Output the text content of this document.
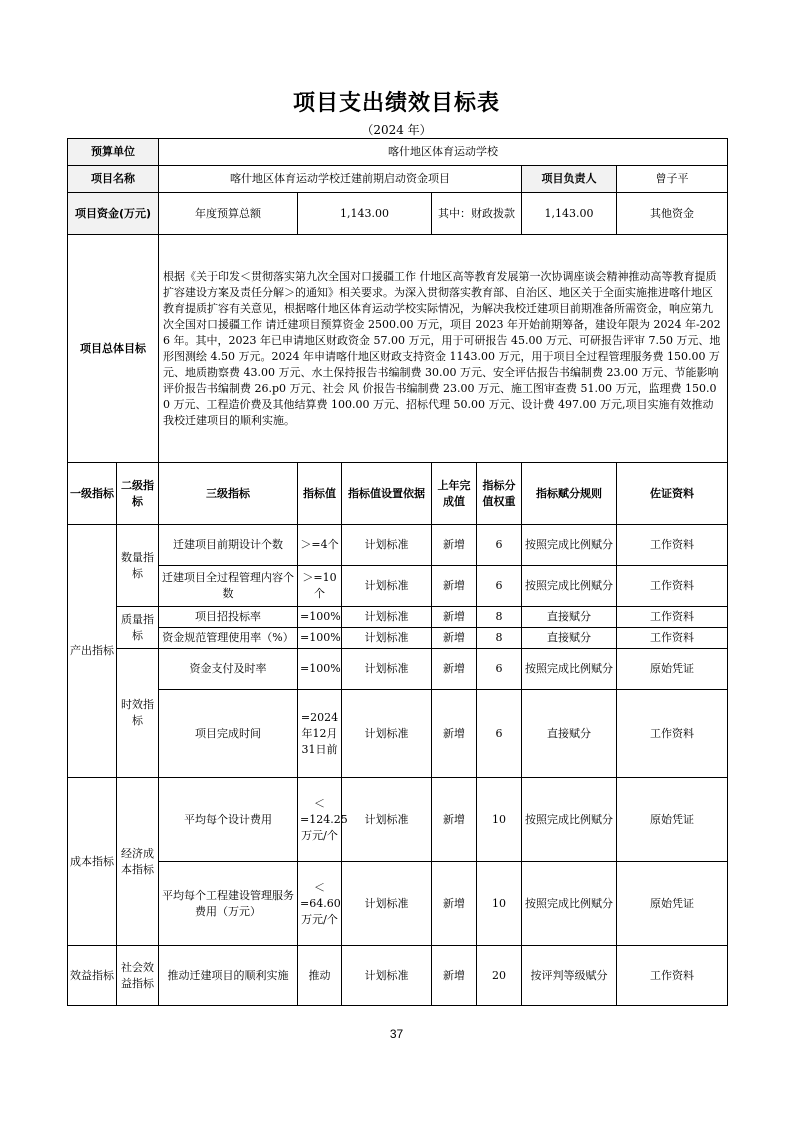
项目支出绩效目标表
（2024 年）
预算单位		喀什地区体育运动学校						
项目名称		喀什地区体育运动学校迁建前期启动资金项目					项目负责人	曾子平
项目资金(万元)		年度预算总额	1,143.00		其中：财政拨款		1,143.00	其他资金
项目总体目标		根据《关于印发＜贯彻落实第九次全国对口援疆工作 什地区高等教育发展第一次协调座谈会精神推动高等教育提质扩容建设方案及责任分解＞的通知》相关要求。为深入贯彻落实教育部、自治区、地区关于全面实施推进喀什地区教育提质扩容有关意见，根据喀什地区体育运动学校实际情况，为解决我校迁建项目前期准备所需资金，响应第九次全国对口援疆工作 请迁建项目预算资金 2500.00 万元，项目 2023 年开始前期筹备，建设年限为 2024 年-2026 年。其中，2023 年已申请地区财政资金 57.00 万元，用于可研报告 45.00 万元、可研报告评审 7.50 万元、地形图测绘 4.50 万元。2024 年申请喀什地区财政支持资金 1143.00 万元，用于项目全过程管理服务费 150.00 万元、地质勘察费 43.00 万元、水土保持报告书编制费 30.00 万元、安全评估报告书编制费 23.00 万元、节能影响评价报告书编制费 26.p0 万元、社会 风 价报告书编制费 23.00 万元、施工图审查费 51.00 万元，监理费 150.00 万元、工程造价费及其他结算费 100.00 万元、招标代理 50.00 万元、设计费 497.00 万元,项目实施有效推动我校迁建项目的顺利实施。						
一级指标	二级指标	三级指标	指标值	指标值设置依据	上年完成值	指标分值权重	指标赋分规则	佐证资料
产出指标	数量指标	迁建项目前期设计个数	＞=4个	计划标准	新增	6	按照完成比例赋分	工作资料
		迁建项目全过程管理内容个数	＞=10个	计划标准	新增	6	按照完成比例赋分	工作资料
	质量指标	项目招投标率	=100%	计划标准	新增	8	直接赋分	工作资料
		资金规范管理使用率（%）	=100%	计划标准	新增	8	直接赋分	工作资料
	时效指标	资金支付及时率	=100%	计划标准	新增	6	按照完成比例赋分	原始凭证
		项目完成时间	=2024年12月31日前	计划标准	新增	6	直接赋分	工作资料
成本指标	经济成本指标	平均每个设计费用	＜=124.25万元/个	计划标准	新增	10	按照完成比例赋分	原始凭证
		平均每个工程建设管理服务费用（万元）	＜=64.60万元/个	计划标准	新增	10	按照完成比例赋分	原始凭证
效益指标	社会效益指标	推动迁建项目的顺利实施	推动	计划标准	新增	20	按评判等级赋分	工作资料
37
